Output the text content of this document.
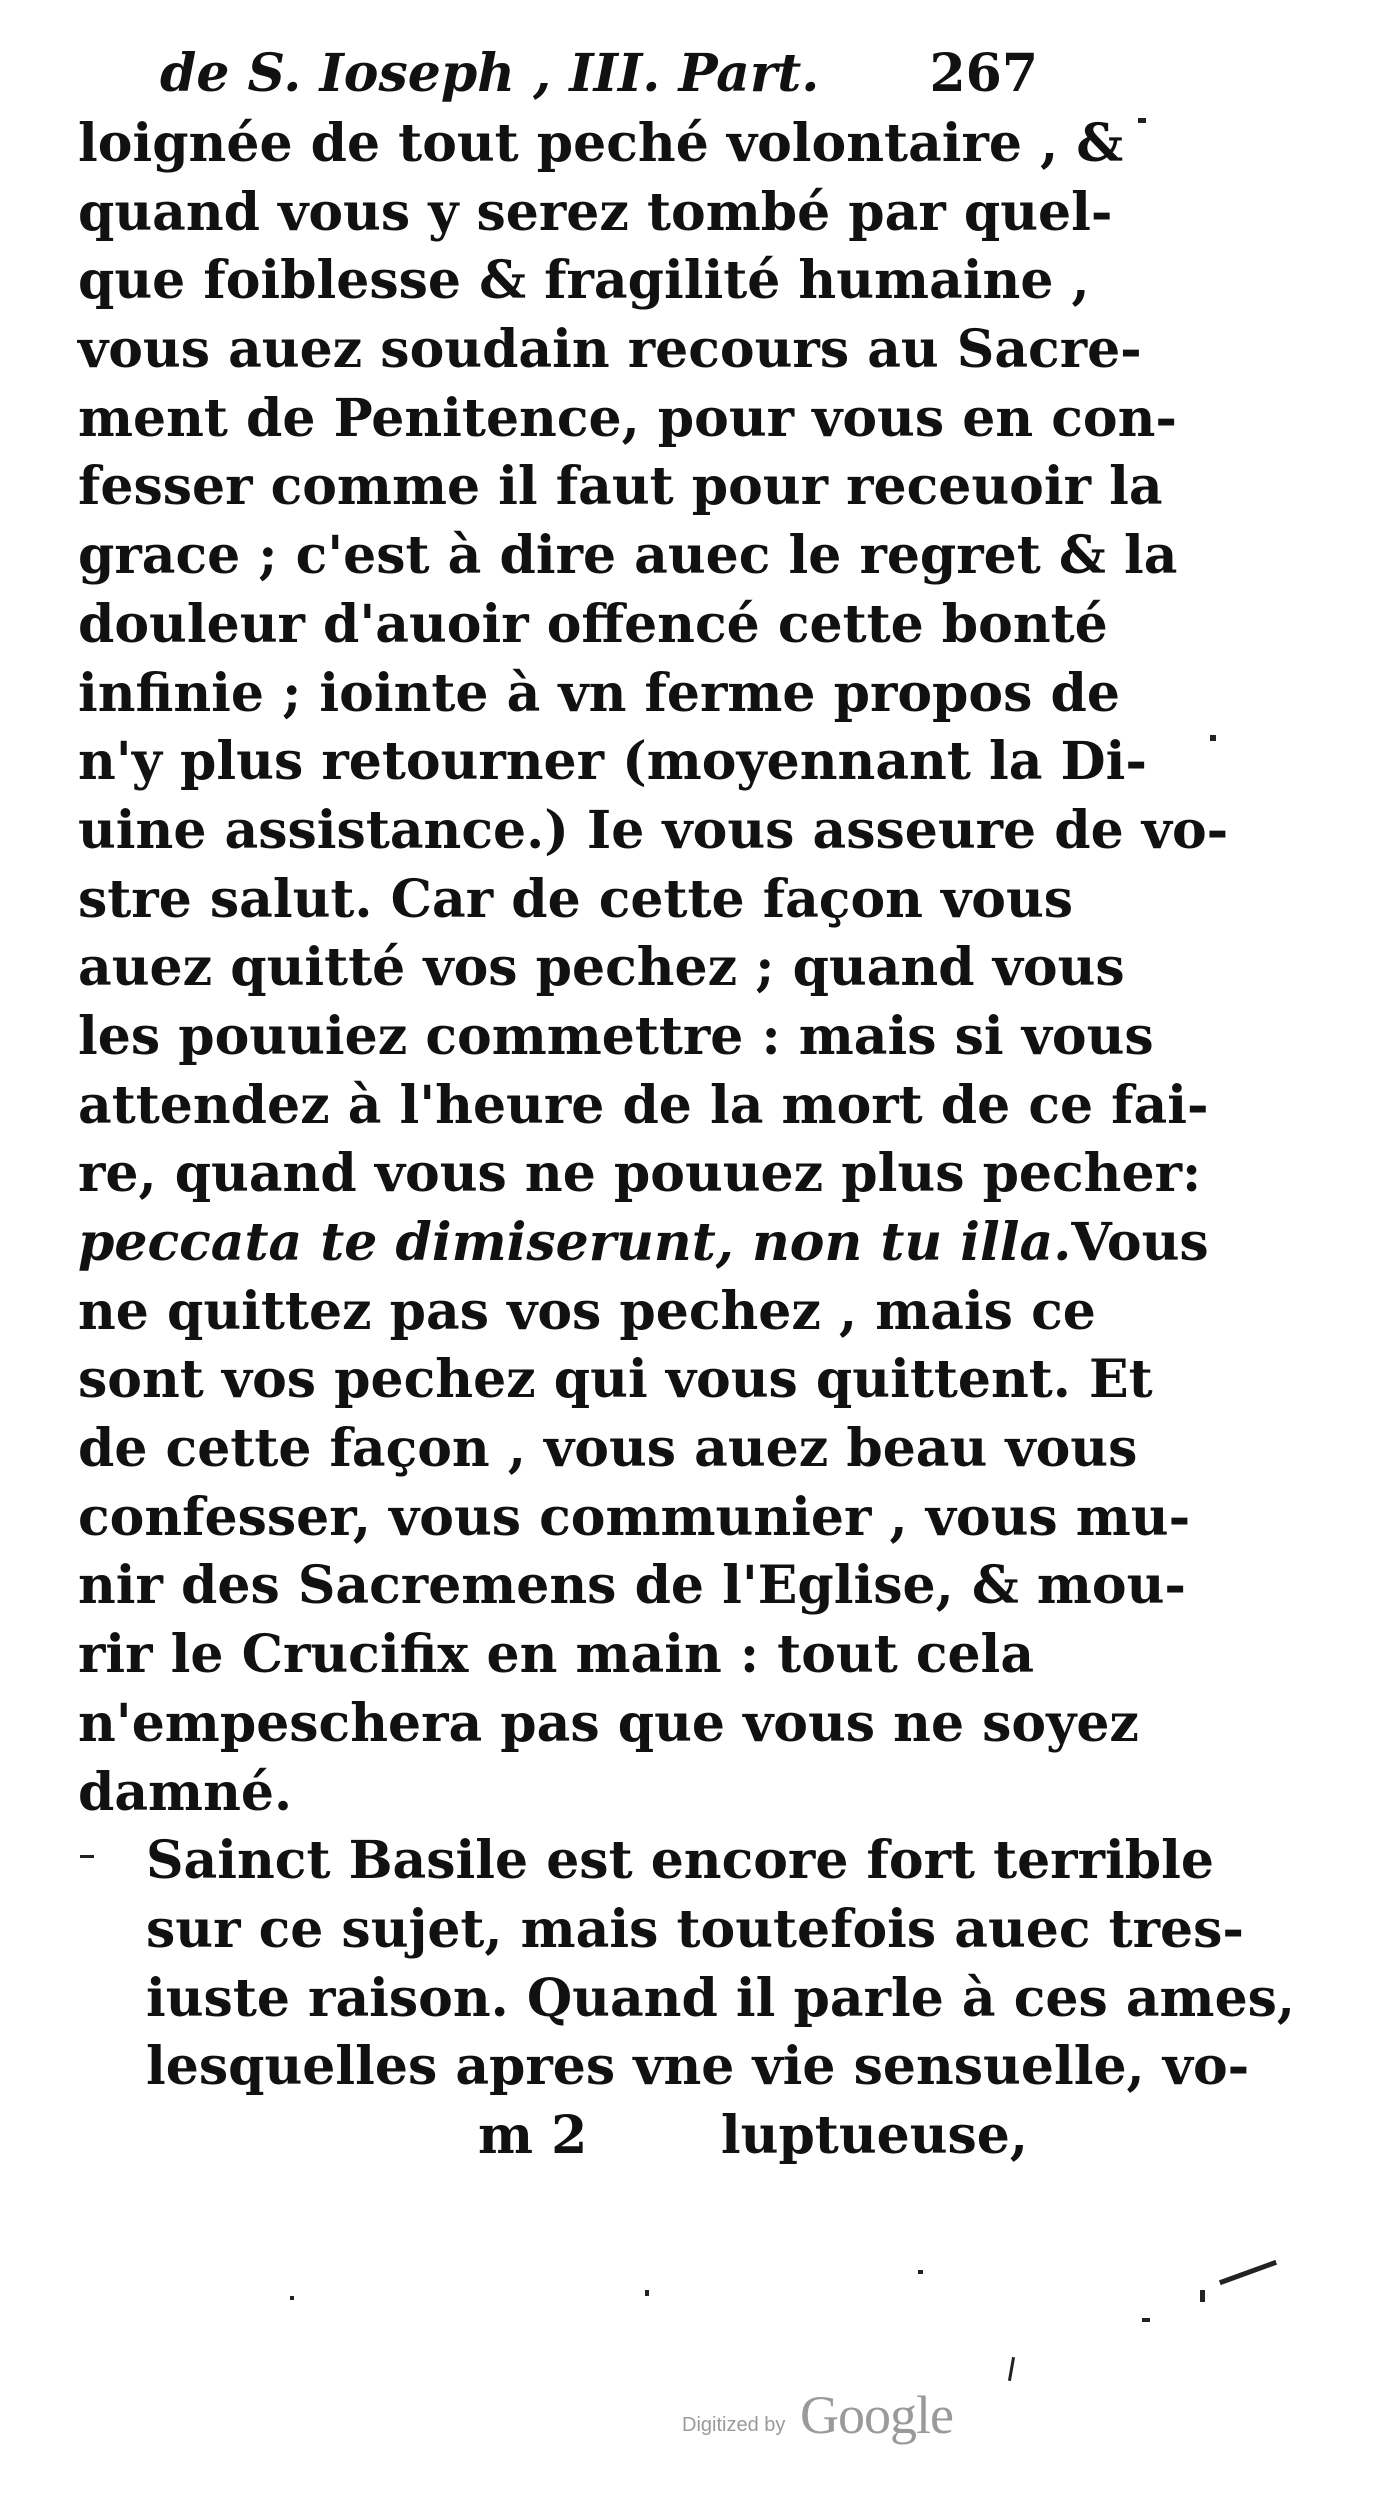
de S. Ioseph , III. Part. 267
loignée de tout peché volontaire , &
quand vous y serez tombé par quel-
que foiblesse & fragilité humaine ,
vous auez soudain recours au Sacre-
ment de Penitence, pour vous en con-
fesser comme il faut pour receuoir la
grace ; c'est à dire auec le regret & la
douleur d'auoir offencé cette bonté
infinie ; iointe à vn ferme propos de
n'y plus retourner (moyennant la Di-
uine assistance.) Ie vous asseure de vo-
stre salut. Car de cette façon vous
auez quitté vos pechez ; quand vous
les pouuiez commettre : mais si vous
attendez à l'heure de la mort de ce fai-
re, quand vous ne pouuez plus pecher:
peccata te dimiserunt, non tu illa. Vous
ne quittez pas vos pechez , mais ce
sont vos pechez qui vous quittent. Et
de cette façon , vous auez beau vous
confesser, vous communier , vous mu-
nir des Sacremens de l'Eglise, & mou-
rir le Crucifix en main : tout cela
n'empeschera pas que vous ne soyez
damné.
Sainct Basile est encore fort terrible
sur ce sujet, mais toutefois auec tres-
iuste raison. Quand il parle à ces ames,
lesquelles apres vne vie sensuelle, vo-
m 2	luptueuse,
Digitized by Google
